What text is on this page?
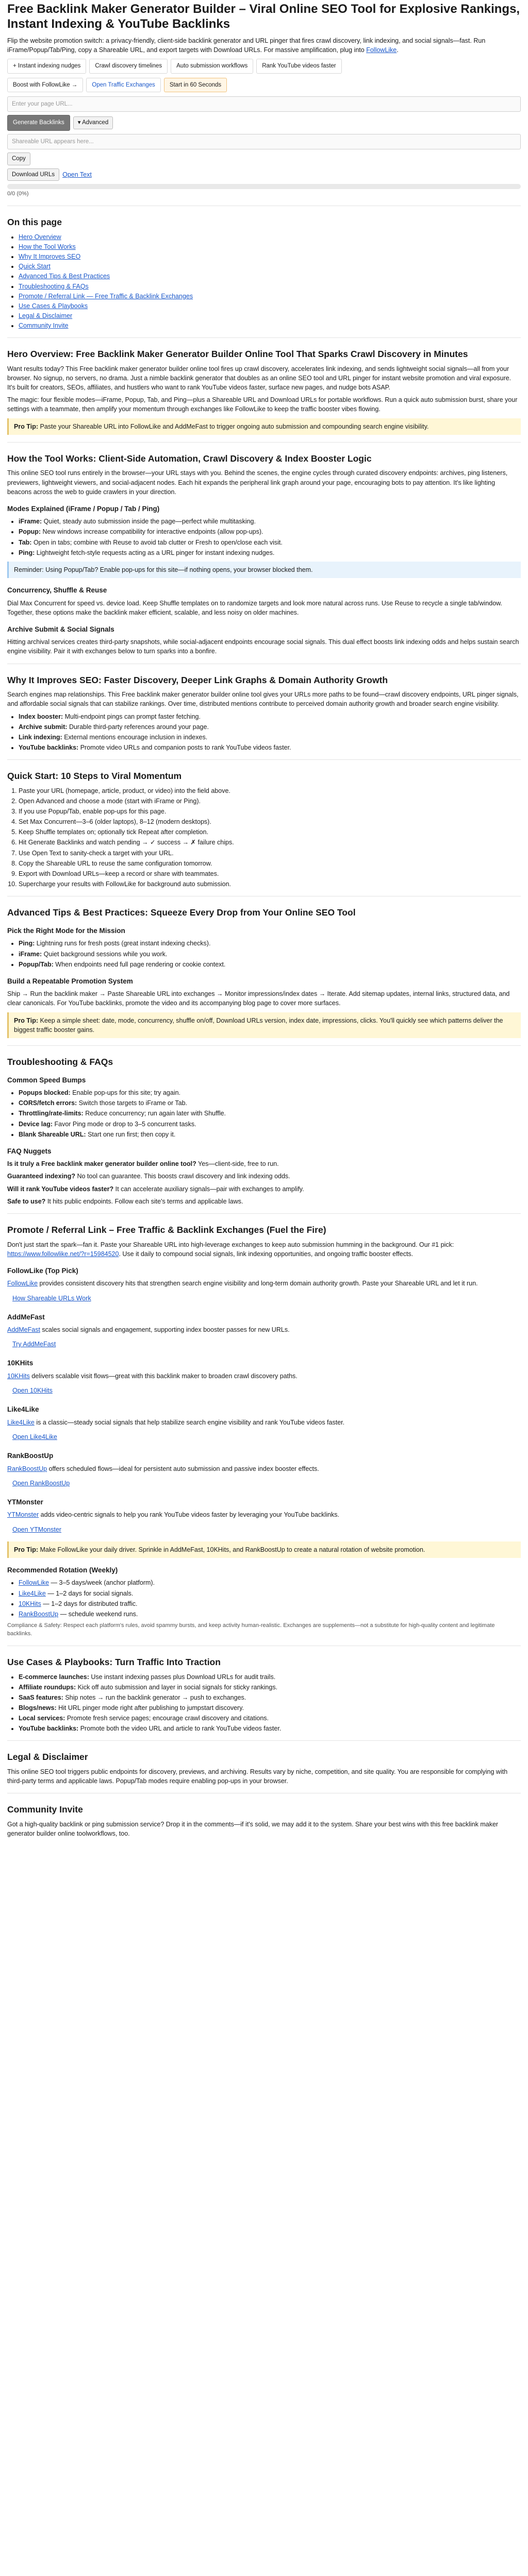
Free Backlink Maker Generator Builder – Viral Online SEO Tool for Explosive Rankings, Instant Indexing & YouTube Backlinks

Flip the website promotion switch: a privacy-friendly, client-side backlink generator and URL pinger that fires crawl discovery, link indexing, and social signals—fast. Run iFrame/Popup/Tab/Ping, copy a Shareable URL, and export targets with Download URLs. For massive amplification, plug into FollowLike.

+ Instant indexing nudges	Crawl discovery timelines	Auto submission workflows	Rank YouTube videos faster
Boost with FollowLike →	Open Traffic Exchanges	Start in 60 Seconds
Enter your page URL...
Generate Backlinks	▾ Advanced
Shareable URL appears here...
Copy
Download URLs	Open Text
0/0 (0%)
On this page
• Hero Overview
• How the Tool Works
• Why It Improves SEO
• Quick Start
• Advanced Tips & Best Practices
• Troubleshooting & FAQs
• Promote / Referral Link — Free Traffic & Backlink Exchanges
• Use Cases & Playbooks
• Legal & Disclaimer
• Community Invite
Hero Overview: Free Backlink Maker Generator Builder Online Tool That Sparks Crawl Discovery in Minutes

Want results today? This Free backlink maker generator builder online tool fires up crawl discovery, accelerates link indexing, and sends lightweight social signals—all from your browser. No signup, no servers, no drama. Just a nimble backlink generator that doubles as an online SEO tool and URL pinger for instant website promotion and viral exposure. It's built for creators, SEOs, affiliates, and hustlers who want to rank YouTube videos faster, surface new pages, and nudge bots ASAP.

The magic: four flexible modes—iFrame, Popup, Tab, and Ping—plus a Shareable URL and Download URLs for portable workflows. Run a quick auto submission burst, share your settings with a teammate, then amplify your momentum through exchanges like FollowLike to keep the traffic booster vibes flowing.

Pro Tip: Paste your Shareable URL into FollowLike and AddMeFast to trigger ongoing auto submission and compounding search engine visibility.
How the Tool Works: Client-Side Automation, Crawl Discovery & Index Booster Logic

This online SEO tool runs entirely in the browser—your URL stays with you. Behind the scenes, the engine cycles through curated discovery endpoints: archives, ping listeners, previewers, lightweight viewers, and social-adjacent nodes. Each hit expands the peripheral link graph around your page, encouraging bots to pay attention. It's like lighting beacons across the web to guide crawlers in your direction.

Modes Explained (iFrame / Popup / Tab / Ping)
• iFrame: Quiet, steady auto submission inside the page—perfect while multitasking.
• Popup: New windows increase compatibility for interactive endpoints (allow pop-ups).
• Tab: Open in tabs; combine with Reuse to avoid tab clutter or Fresh to open/close each visit.
• Ping: Lightweight fetch-style requests acting as a URL pinger for instant indexing nudges.
Reminder: Using Popup/Tab? Enable pop-ups for this site—if nothing opens, your browser blocked them.
Concurrency, Shuffle & Reuse

Dial Max Concurrent for speed vs. device load. Keep Shuffle templates on to randomize targets and look more natural across runs. Use Reuse to recycle a single tab/window. Together, these options make the backlink maker efficient, scalable, and less noisy on older machines.

Archive Submit & Social Signals

Hitting archival services creates third-party snapshots, while social-adjacent endpoints encourage social signals. This dual effect boosts link indexing odds and helps sustain search engine visibility. Pair it with exchanges below to turn sparks into a bonfire.

Why It Improves SEO: Faster Discovery, Deeper Link Graphs & Domain Authority Growth

Search engines map relationships. This Free backlink maker generator builder online tool gives your URLs more paths to be found—crawl discovery endpoints, URL pinger signals, and affordable social signals that can stabilize rankings. Over time, distributed mentions contribute to perceived domain authority growth and broader search engine visibility.

• Index booster: Multi-endpoint pings can prompt faster fetching.
• Archive submit: Durable third-party references around your page.
• Link indexing: External mentions encourage inclusion in indexes.
• YouTube backlinks: Promote video URLs and companion posts to rank YouTube videos faster.
Quick Start: 10 Steps to Viral Momentum
1. Paste your URL (homepage, article, product, or video) into the field above.
2. Open Advanced and choose a mode (start with iFrame or Ping).
3. If you use Popup/Tab, enable pop-ups for this page.
4. Set Max Concurrent—3–6 (older laptops), 8–12 (modern desktops).
5. Keep Shuffle templates on; optionally tick Repeat after completion.
6. Hit Generate Backlinks and watch pending → ✓ success → ✗ failure chips.
7. Use Open Text to sanity-check a target with your URL.
8. Copy the Shareable URL to reuse the same configuration tomorrow.
9. Export with Download URLs—keep a record or share with teammates.
10. Supercharge your results with FollowLike for background auto submission.
Advanced Tips & Best Practices: Squeeze Every Drop from Your Online SEO Tool
Pick the Right Mode for the Mission
• Ping: Lightning runs for fresh posts (great instant indexing checks).
• iFrame: Quiet background sessions while you work.
• Popup/Tab: When endpoints need full page rendering or cookie context.
Build a Repeatable Promotion System

Ship → Run the backlink maker → Paste Shareable URL into exchanges → Monitor impressions/index dates → Iterate. Add sitemap updates, internal links, structured data, and clear canonicals. For YouTube backlinks, promote the video and its accompanying blog page to cover more surfaces.

Pro Tip: Keep a simple sheet: date, mode, concurrency, shuffle on/off, Download URLs version, index date, impressions, clicks. You'll quickly see which patterns deliver the biggest traffic booster gains.
Troubleshooting & FAQs
Common Speed Bumps
• Popups blocked: Enable pop-ups for this site; try again.
• CORS/fetch errors: Switch those targets to iFrame or Tab.
• Throttling/rate-limits: Reduce concurrency; run again later with Shuffle.
• Device lag: Favor Ping mode or drop to 3–5 concurrent tasks.
• Blank Shareable URL: Start one run first; then copy it.
FAQ Nuggets

Is it truly a Free backlink maker generator builder online tool? Yes—client-side, free to run.

Guaranteed indexing? No tool can guarantee. This boosts crawl discovery and link indexing odds.

Will it rank YouTube videos faster? It can accelerate auxiliary signals—pair with exchanges to amplify.

Safe to use? It hits public endpoints. Follow each site's terms and applicable laws.

Promote / Referral Link – Free Traffic & Backlink Exchanges (Fuel the Fire)

Don't just start the spark—fan it. Paste your Shareable URL into high-leverage exchanges to keep auto submission humming in the background. Our #1 pick: https://www.followlike.net/?r=15984520. Use it daily to compound social signals, link indexing opportunities, and ongoing traffic booster effects.

FollowLike (Top Pick)

FollowLike provides consistent discovery hits that strengthen search engine visibility and long-term domain authority growth. Paste your Shareable URL and let it run.

How Shareable URLs Work
AddMeFast

AddMeFast scales social signals and engagement, supporting index booster passes for new URLs.

Try AddMeFast
10KHits

10KHits delivers scalable visit flows—great with this backlink maker to broaden crawl discovery paths.

Open 10KHits
Like4Like

Like4Like is a classic—steady social signals that help stabilize search engine visibility and rank YouTube videos faster.

Open Like4Like
RankBoostUp

RankBoostUp offers scheduled flows—ideal for persistent auto submission and passive index booster effects.

Open RankBoostUp
YTMonster

YTMonster adds video-centric signals to help you rank YouTube videos faster by leveraging your YouTube backlinks.

Open YTMonster
Pro Tip: Make FollowLike your daily driver. Sprinkle in AddMeFast, 10KHits, and RankBoostUp to create a natural rotation of website promotion.
Recommended Rotation (Weekly)
• FollowLike — 3–5 days/week (anchor platform).
• Like4Like — 1–2 days for social signals.
• 10KHits — 1–2 days for distributed traffic.
• RankBoostUp — schedule weekend runs.

Compliance & Safety: Respect each platform's rules, avoid spammy bursts, and keep activity human-realistic. Exchanges are supplements—not a substitute for high-quality content and legitimate backlinks.

Use Cases & Playbooks: Turn Traffic Into Traction
• E-commerce launches: Use instant indexing passes plus Download URLs for audit trails.
• Affiliate roundups: Kick off auto submission and layer in social signals for sticky rankings.
• SaaS features: Ship notes → run the backlink generator → push to exchanges.
• Blogs/news: Hit URL pinger mode right after publishing to jumpstart discovery.
• Local services: Promote fresh service pages; encourage crawl discovery and citations.
• YouTube backlinks: Promote both the video URL and article to rank YouTube videos faster.
Legal & Disclaimer

This online SEO tool triggers public endpoints for discovery, previews, and archiving. Results vary by niche, competition, and site quality. You are responsible for complying with third-party terms and applicable laws. Popup/Tab modes require enabling pop-ups in your browser.

Community Invite

Got a high-quality backlink or ping submission service? Drop it in the comments—if it's solid, we may add it to the system. Share your best wins with this free backlink maker generator builder online toolworkflows, too.
